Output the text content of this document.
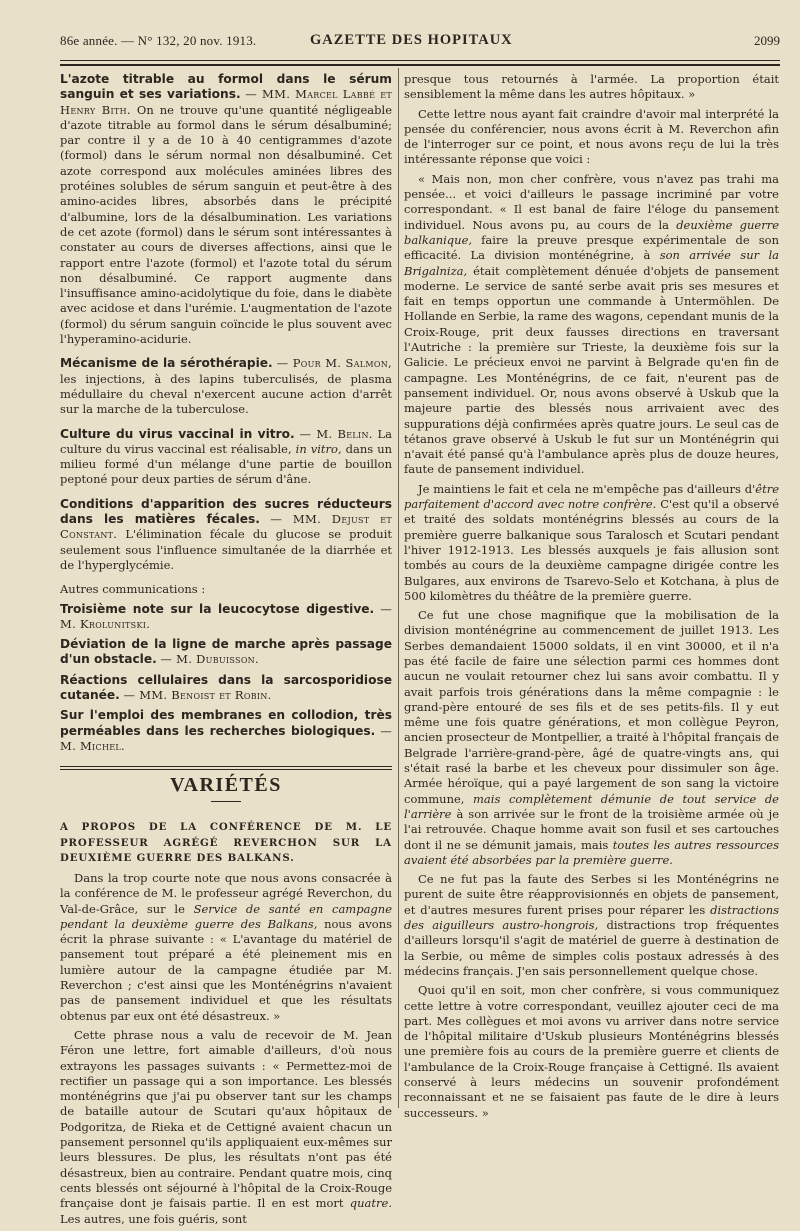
86e année. — N° 132, 20 nov. 1913.	GAZETTE DES HOPITAUX	2099
L'azote titrable au formol dans le sérum sanguin et ses variations. — MM. Marcel Labbé et Henry Bith. On ne trouve qu'une quantité négligeable d'azote titrable au formol dans le sérum désalbuminé; par contre il y a de 10 à 40 centigrammes d'azote (formol) dans le sérum normal non désalbuminé. Cet azote correspond aux molécules aminées libres des protéines solubles de sérum sanguin et peut-être à des amino-acides libres, absorbés dans le précipité d'albumine, lors de la désalbumination. Les variations de cet azote (formol) dans le sérum sont intéressantes à constater au cours de diverses affections, ainsi que le rapport entre l'azote (formol) et l'azote total du sérum non désalbuminé. Ce rapport augmente dans l'insuffisance amino-acidolytique du foie, dans le diabète avec acidose et dans l'urémie. L'augmentation de l'azote (formol) du sérum sanguin coïncide le plus souvent avec l'hyperamino-acidurie.
Mécanisme de la sérothérapie. — Pour M. Salmon, les injections, à des lapins tuberculisés, de plasma médullaire du cheval n'exercent aucune action d'arrêt sur la marche de la tuberculose.
Culture du virus vaccinal in vitro. — M. Belin. La culture du virus vaccinal est réalisable, in vitro, dans un milieu formé d'un mélange d'une partie de bouillon peptoné pour deux parties de sérum d'âne.
Conditions d'apparition des sucres réducteurs dans les matières fécales. — MM. Dejust et Constant. L'élimination fécale du glucose se produit seulement sous l'influence simultanée de la diarrhée et de l'hyperglycémie.
Autres communications :
Troisième note sur la leucocytose digestive. — M. Krolunitski.
Déviation de la ligne de marche après passage d'un obstacle. — M. Dubuisson.
Réactions cellulaires dans la sarcosporidiose cutanée. — MM. Benoist et Robin.
Sur l'emploi des membranes en collodion, très perméables dans les recherches biologiques. — M. Michel.
VARIÉTÉS

A PROPOS DE LA CONFÉRENCE DE M. LE PROFESSEUR AGRÉGÉ REVERCHON SUR LA DEUXIÈME GUERRE DES BALKANS.

Dans la trop courte note que nous avons consacrée à la conférence de M. le professeur agrégé Reverchon, du Val-de-Grâce, sur le Service de santé en campagne pendant la deuxième guerre des Balkans, nous avons écrit la phrase suivante : « L'avantage du matériel de pansement tout préparé a été pleinement mis en lumière autour de la campagne étudiée par M. Reverchon ; c'est ainsi que les Monténégrins n'avaient pas de pansement individuel et que les résultats obtenus par eux ont été désastreux. »

Cette phrase nous a valu de recevoir de M. Jean Féron une lettre, fort aimable d'ailleurs, d'où nous extrayons les passages suivants : « Permettez-moi de rectifier un passage qui a son importance. Les blessés monténégrins que j'ai pu observer tant sur les champs de bataille autour de Scutari qu'aux hôpitaux de Podgoritza, de Rieka et de Cettigné avaient chacun un pansement personnel qu'ils appliquaient eux-mêmes sur leurs blessures. De plus, les résultats n'ont pas été désastreux, bien au contraire. Pendant quatre mois, cinq cents blessés ont séjourné à l'hôpital de la Croix-Rouge française dont je faisais partie. Il en est mort quatre. Les autres, une fois guéris, sont

presque tous retournés à l'armée. La proportion était sensiblement la même dans les autres hôpitaux. »

Cette lettre nous ayant fait craindre d'avoir mal interprété la pensée du conférencier, nous avons écrit à M. Reverchon afin de l'interroger sur ce point, et nous avons reçu de lui la très intéressante réponse que voici :

« Mais non, mon cher confrère, vous n'avez pas trahi ma pensée... et voici d'ailleurs le passage incriminé par votre correspondant. « Il est banal de faire l'éloge du pansement individuel. Nous avons pu, au cours de la deuxième guerre balkanique, faire la preuve presque expérimentale de son efficacité. La division monténégrine, à son arrivée sur la Brigalniza, était complètement dénuée d'objets de pansement moderne. Le service de santé serbe avait pris ses mesures et fait en temps opportun une commande à Untermöhlen. De Hollande en Serbie, la rame des wagons, cependant munis de la Croix-Rouge, prit deux fausses directions en traversant l'Autriche : la première sur Trieste, la deuxième fois sur la Galicie. Le précieux envoi ne parvint à Belgrade qu'en fin de campagne. Les Monténégrins, de ce fait, n'eurent pas de pansement individuel. Or, nous avons observé à Uskub que la majeure partie des blessés nous arrivaient avec des suppurations déjà confirmées après quatre jours. Le seul cas de tétanos grave observé à Uskub le fut sur un Monténégrin qui n'avait été pansé qu'à l'ambulance après plus de douze heures, faute de pansement individuel.

Je maintiens le fait et cela ne m'empêche pas d'ailleurs d'être parfaitement d'accord avec notre confrère. C'est qu'il a observé et traité des soldats monténégrins blessés au cours de la première guerre balkanique sous Taralosch et Scutari pendant l'hiver 1912-1913. Les blessés auxquels je fais allusion sont tombés au cours de la deuxième campagne dirigée contre les Bulgares, aux environs de Tsarevo-Selo et Kotchana, à plus de 500 kilomètres du théâtre de la première guerre.

Ce fut une chose magnifique que la mobilisation de la division monténégrine au commencement de juillet 1913. Les Serbes demandaient 15000 soldats, il en vint 30000, et il n'a pas été facile de faire une sélection parmi ces hommes dont aucun ne voulait retourner chez lui sans avoir combattu. Il y avait parfois trois générations dans la même compagnie : le grand-père entouré de ses fils et de ses petits-fils. Il y eut même une fois quatre générations, et mon collègue Peyron, ancien prosecteur de Montpellier, a traité à l'hôpital français de Belgrade l'arrière-grand-père, âgé de quatre-vingts ans, qui s'était rasé la barbe et les cheveux pour dissimuler son âge. Armée héroïque, qui a payé largement de son sang la victoire commune, mais complètement démunie de tout service de l'arrière à son arrivée sur le front de la troisième armée où je l'ai retrouvée. Chaque homme avait son fusil et ses cartouches dont il ne se démunit jamais, mais toutes les autres ressources avaient été absorbées par la première guerre.

Ce ne fut pas la faute des Serbes si les Monténégrins ne purent de suite être réapprovisionnés en objets de pansement, et d'autres mesures furent prises pour réparer les distractions des aiguilleurs austro-hongrois, distractions trop fréquentes d'ailleurs lorsqu'il s'agit de matériel de guerre à destination de la Serbie, ou même de simples colis postaux adressés à des médecins français. J'en sais personnellement quelque chose.

Quoi qu'il en soit, mon cher confrère, si vous communiquez cette lettre à votre correspondant, veuillez ajouter ceci de ma part. Mes collègues et moi avons vu arriver dans notre service de l'hôpital militaire d'Uskub plusieurs Monténégrins blessés une première fois au cours de la première guerre et clients de l'ambulance de la Croix-Rouge française à Cettigné. Ils avaient conservé à leurs médecins un souvenir profondément reconnaissant et ne se faisaient pas faute de le dire à leurs successeurs. »
